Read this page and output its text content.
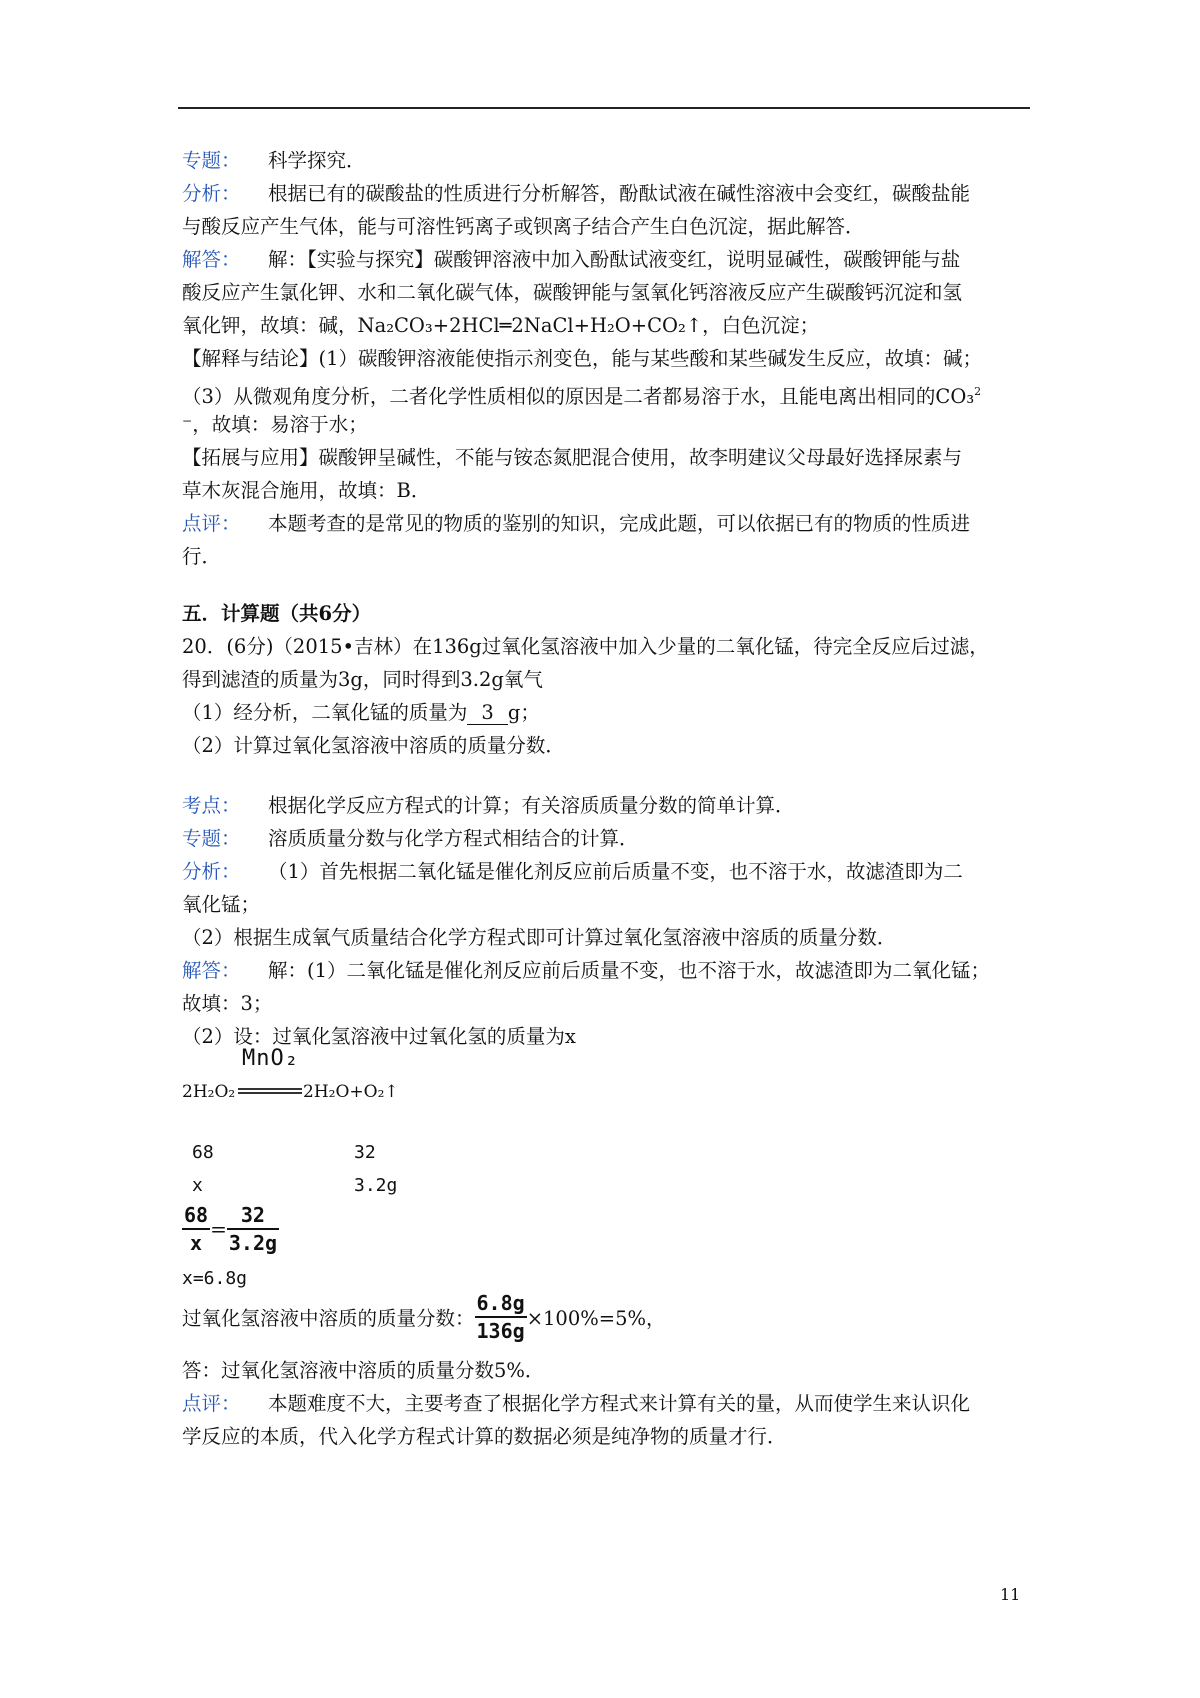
专题： 科学探究．
分析： 根据已有的碳酸盐的性质进行分析解答，酚酞试液在碱性溶液中会变红，碳酸盐能
与酸反应产生气体，能与可溶性钙离子或钡离子结合产生白色沉淀，据此解答．
解答： 解：【实验与探究】碳酸钾溶液中加入酚酞试液变红，说明显碱性，碳酸钾能与盐
酸反应产生氯化钾、水和二氧化碳气体，碳酸钾能与氢氧化钙溶液反应产生碳酸钙沉淀和氢
氧化钾，故填：碱，Na₂CO₃+2HCl═2NaCl+H₂O+CO₂↑，白色沉淀；
【解释与结论】(1）碳酸钾溶液能使指示剂变色，能与某些酸和某些碱发生反应，故填：碱；
（3）从微观角度分析，二者化学性质相似的原因是二者都易溶于水，且能电离出相同的CO₃$^2$
⁻，故填：易溶于水；
【拓展与应用】碳酸钾呈碱性，不能与铵态氮肥混合使用，故李明建议父母最好选择尿素与
草木灰混合施用，故填：B．
点评： 本题考查的是常见的物质的鉴别的知识，完成此题，可以依据已有的物质的性质进
行．
五．计算题（共6分）
20．(6分)（2015•吉林）在136g过氧化氢溶液中加入少量的二氧化锰，待完全反应后过滤，
得到滤渣的质量为3g，同时得到3.2g氧气
（1）经分析，二氧化锰的质量为 3 g；
（2）计算过氧化氢溶液中溶质的质量分数．
考点： 根据化学反应方程式的计算；有关溶质质量分数的简单计算．
专题： 溶质质量分数与化学方程式相结合的计算．
分析： （1）首先根据二氧化锰是催化剂反应前后质量不变，也不溶于水，故滤渣即为二
氧化锰；
（2）根据生成氧气质量结合化学方程式即可计算过氧化氢溶液中溶质的质量分数．
解答： 解：(1）二氧化锰是催化剂反应前后质量不变，也不溶于水，故滤渣即为二氧化锰；
故填：3；
（2）设：过氧化氢溶液中过氧化氢的质量为x
MnO₂
2H₂O₂	2H₂O+O₂↑
68	32
x	3.2g
$\frac{68}{x} = \frac{32}{3.2g}$
x=6.8g
过氧化氢溶液中溶质的质量分数： $\frac{6.8g}{136g} \times 100\%=5\%$，
答：过氧化氢溶液中溶质的质量分数5%．
点评： 本题难度不大，主要考查了根据化学方程式来计算有关的量，从而使学生来认识化
学反应的本质，代入化学方程式计算的数据必须是纯净物的质量才行．
11
